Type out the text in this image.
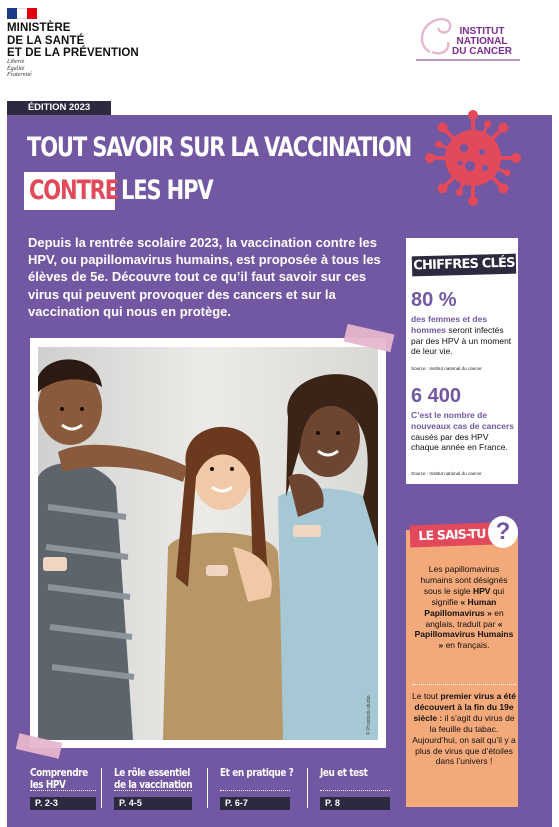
MINISTÈRE
DE LA SANTÉ
ET DE LA PRÉVENTION
Liberté
Égalité
Fraternité
INSTITUT
NATIONAL
DU CANCER
ÉDITION 2023
TOUT SAVOIR SUR LA VACCINATION
CONTRE LES HPV
Depuis la rentrée scolaire 2023, la vaccination contre les HPV, ou papillomavirus humains, est proposée à tous les élèves de 5e. Découvre tout ce qu’il faut savoir sur ces virus qui peuvent provoquer des cancers et sur la vaccination qui nous en protège.
© Prostock-studio
CHIFFRES CLÉS
80 %
des femmes et des hommes seront infectés par des HPV à un moment de leur vie.
Source : Institut national du cancer
6 400
C’est le nombre de nouveaux cas de cancers causés par des HPV chaque année en France.
Source : Institut national du cancer
LE SAIS-TU ?
Les papillomavirus humains sont désignés sous le sigle HPV qui signifie « Human Papillomavirus » en anglais, traduit par « Papillomavirus Humains » en français.
Le tout premier virus a été découvert à la fin du 19e siècle : il s’agit du virus de la feuille du tabac. Aujourd’hui, on sait qu’il y a plus de virus que d’étoiles dans l’univers !
Comprendre
les HPV
P. 2-3
Le rôle essentiel
de la vaccination
P. 4-5
Et en pratique ?
P. 6-7
Jeu et test
P. 8
